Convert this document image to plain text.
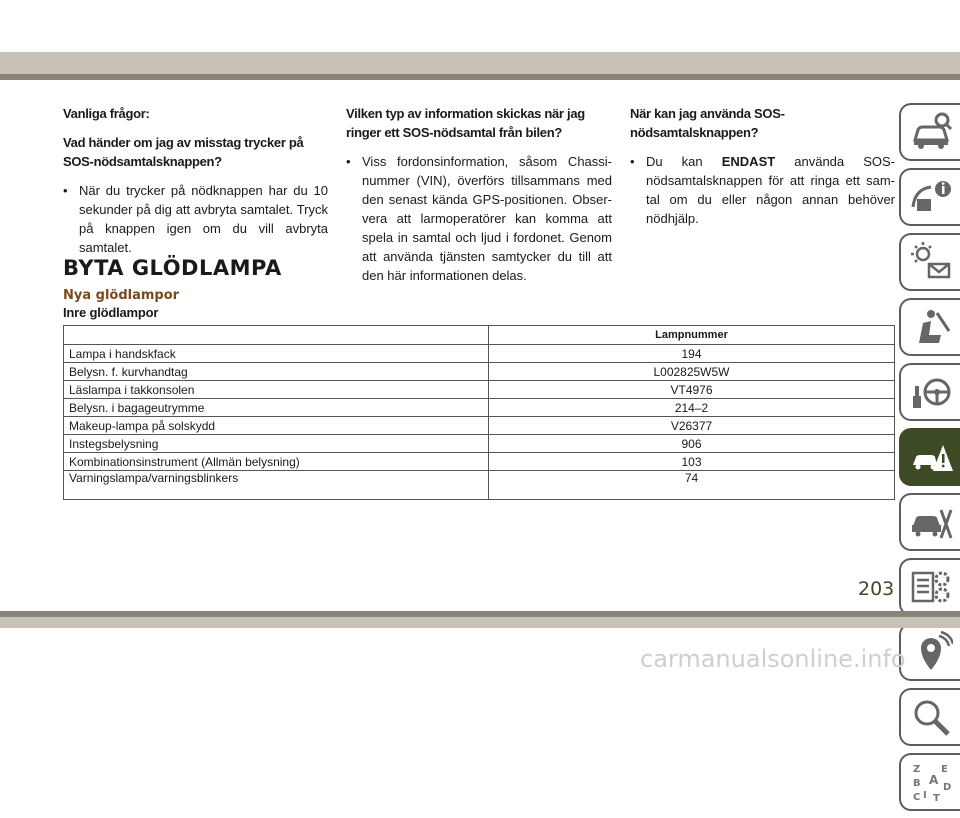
Vanliga frågor:
Vad händer om jag av misstag trycker på SOS-nödsamtalsknappen?
• När du trycker på nödknappen har du 10 sekunder på dig att avbryta samtalet. Tryck på knappen igen om du vill avbryta samtalet.
Vilken typ av information skickas när jag ringer ett SOS-nödsamtal från bilen?
• Viss fordonsinformation, såsom Chassi-nummer (VIN), överförs tillsammans med den senast kända GPS-positionen. Obser-vera att larmoperatörer kan komma att spela in samtal och ljud i fordonet. Genom att använda tjänsten samtycker du till att den här informationen delas.
När kan jag använda SOS-nödsamtalsknappen?
• Du kan ENDAST använda SOS-nödsamtalsknappen för att ringa ett sam-tal om du eller någon annan behöver nödhjälp.
BYTA GLÖDLAMPA
Nya glödlampor
Inre glödlampor
	Lampnummer
Lampa i handskfack	194
Belysn. f. kurvhandtag	L002825W5W
Läslampa i takkonsolen	VT4976
Belysn. i bagageutrymme	214–2
Makeup-lampa på solskydd	V26377
Instegsbelysning	906
Kombinationsinstrument (Allmän belysning)	103
Varningslampa/varningsblinkers	74
Z E
B A
C
D
I T
203
carmanualsonline.info
